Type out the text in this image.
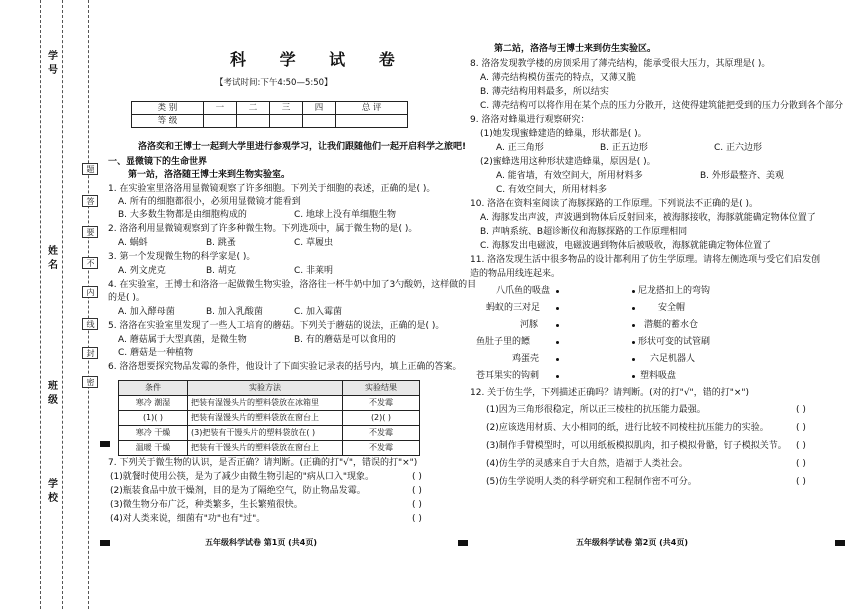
学号
姓名
班级
学校
题
答
要
不
内
线
封
密
科 学 试 卷
【考试时间:下午4:50—5:50】
类 别	一	二	三	四	总 评
等 级					
洛洛奕和王博士一起到大学里进行参观学习，让我们跟随他们一起开启科学之旅吧!
一、显微镜下的生命世界
第一站，洛洛随王博士来到生物实验室。
1. 在实验室里洛洛用显微镜观察了许多细胞。下列关于细胞的表述，正确的是( )。
A. 所有的细胞都很小，必须用显微镜才能看到
B. 大多数生物都是由细胞构成的	C. 地球上没有单细胞生物
2. 洛洛利用显微镜观察到了许多种微生物。下列选项中，属于微生物的是( )。
A. 蜗蚪	B. 跳蚤	C. 草履虫
3. 第一个发现微生物的科学家是( )。
A. 列文虎克	B. 胡克	C. 非莱明
4. 在实验室，王博士和洛洛一起做微生物实验，洛洛往一杯牛奶中加了3勺酸奶，这样做的目
的是( )。
A. 加入酵母菌	B. 加入乳酸菌	C. 加入霉菌
5. 洛洛在实验室里发现了一些人工培育的蘑菇。下列关于蘑菇的说法，正确的是( )。
A. 蘑菇属于大型真菌，是微生物	B. 有的蘑菇是可以食用的
C. 蘑菇是一种植物
6. 洛洛想要探究物品发霉的条件，他设计了下面实验记录表的括号内，填上正确的答案。
条件	实验方法	实验结果
寒冷 潮湿	把装有湿馒头片的塑料袋放在冰箱里	不发霉
(1)( )	把装有湿馒头片的塑料袋放在窗台上	(2)( )
寒冷 干燥	(3)把装有干馒头片的塑料袋放在( )	不发霉
温暖 干燥	把装有干馒头片的塑料袋放在窗台上	不发霉
7. 下列关于微生物的认识，是否正确？请判断。(正确的打"√"，错误的打"×")
(1)就餐时使用公筷，是为了减少由微生物引起的"病从口入"现象。	( )
(2)瓶装食品中放干燥剂，目的是为了隔绝空气，防止物品发霉。	( )
(3)微生物分布广泛，种类繁多，生长繁殖很快。	( )
(4)对人类来说，细菌有"功"也有"过"。	( )
五年级科学试卷 第1页 (共4页)
第二站，洛洛与王博士来到仿生实验区。
8. 洛洛发现教学楼的房顶采用了薄壳结构，能承受很大压力，其原理是( )。
A. 薄壳结构模仿蛋壳的特点，又薄又脆
B. 薄壳结构用料最多，所以结实
C. 薄壳结构可以将作用在某个点的压力分散开，这使得建筑能把受到的压力分散到各个部分
9. 洛洛对蜂巢进行观察研究：
(1)她发现蜜蜂建造的蜂巢，形状都是( )。
A. 正三角形	B. 正五边形	C. 正六边形
(2)蜜蜂选用这种形状建造蜂巢，原因是( )。
A. 能省墙，有效空间大，所用材料多	B. 外形最整齐、美观
C. 有效空间大，所用材料多
10. 洛洛在资料室阅读了海豚探路的工作原理。下列说法不正确的是( )。
A. 海豚发出声波，声波遇到物体后反射回来，被海豚接收，海豚就能确定物体位置了
B. 声呐系统、B超诊断仪和海豚探路的工作原理相同
C. 海豚发出电磁波，电磁波遇到物体后被吸收，海豚就能确定物体位置了
11. 洛洛发现生活中很多物品的设计都利用了仿生学原理。请将左侧选项与受它们启发创
造的物品用线连起来。
八爪鱼的吸盘	尼龙搭扣上的弯钩
蚂蚁的三对足	安全帽
河豚	潜艇的蓄水仓
鱼肚子里的鳔	形状可变的试管刷
鸡蛋壳	六足机器人
苍耳果实的钩刺	塑料吸盘
12. 关于仿生学，下列描述正确吗？请判断。(对的打"√"，错的打"×")
(1)因为三角形很稳定，所以正三棱柱的抗压能力最强。	( )
(2)应该选用材质、大小相同的纸，进行比较不同棱柱抗压能力的实验。	( )
(3)制作手臂模型时，可以用纸板模拟肌肉，扣子模拟骨骼，钉子模拟关节。 ( )
(4)仿生学的灵感来自于大自然，造福于人类社会。	( )
(5)仿生学说明人类的科学研究和工程制作密不可分。	( )
五年级科学试卷 第2页 (共4页)
